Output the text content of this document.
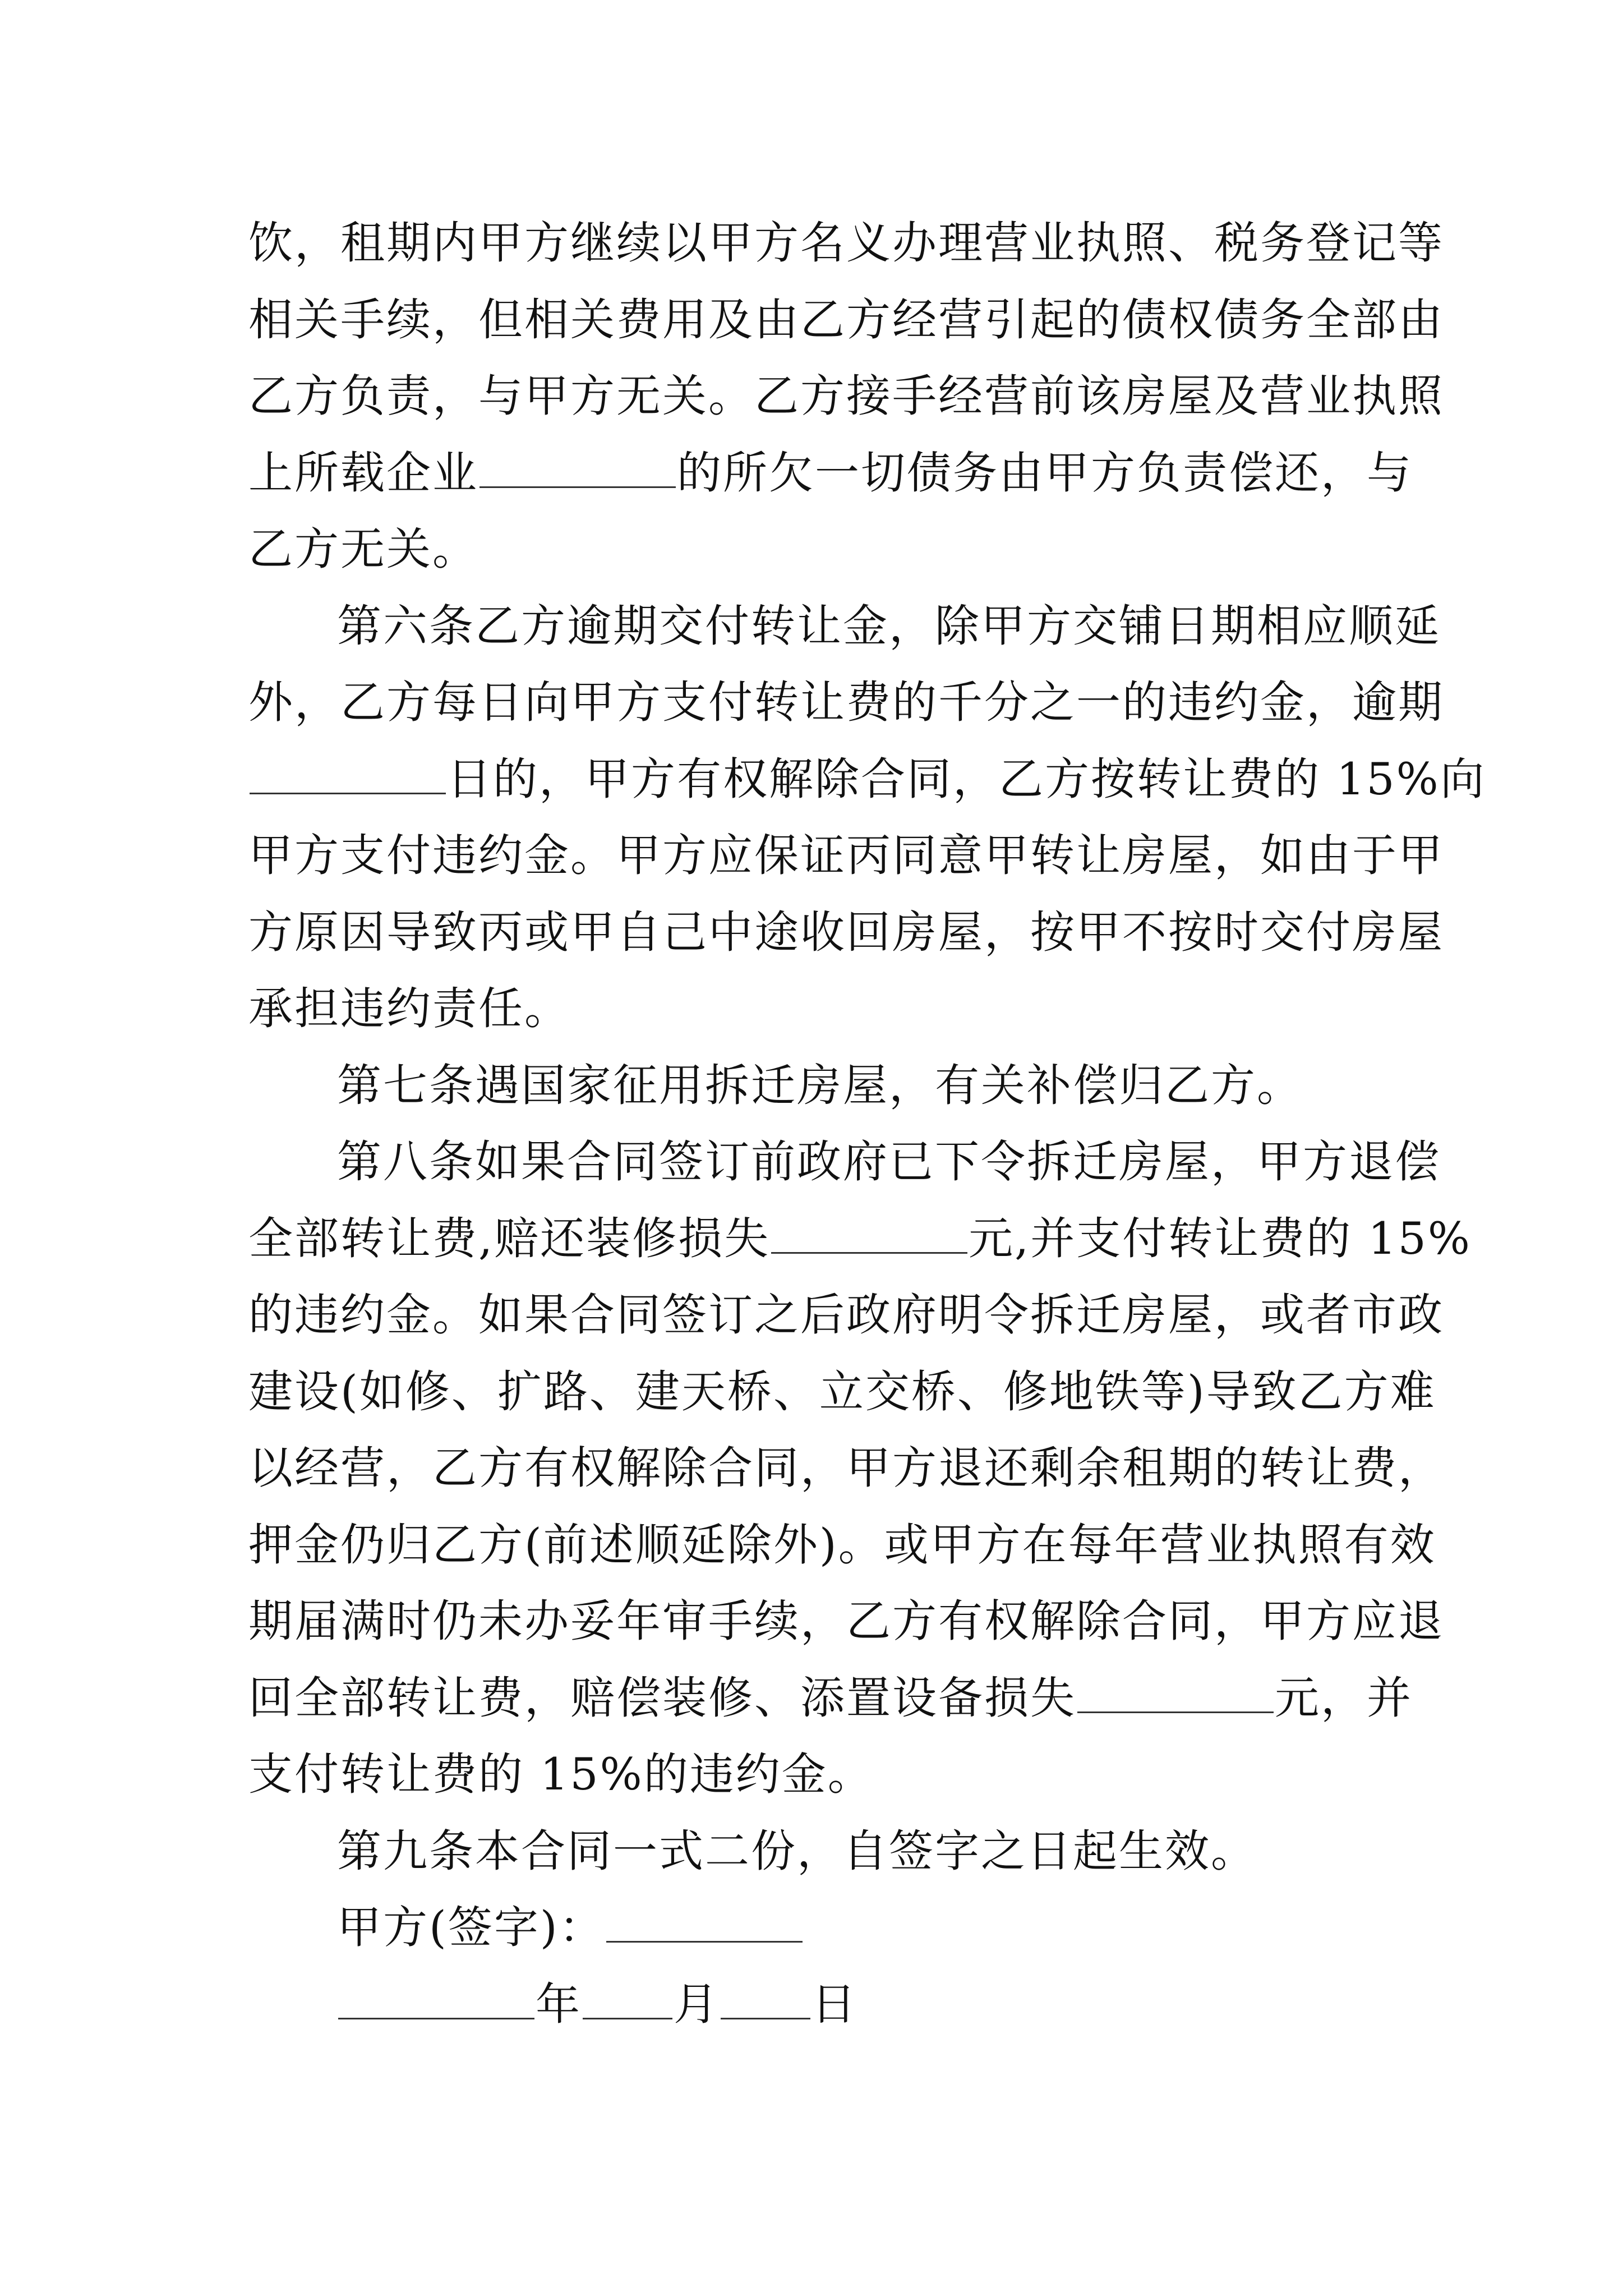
饮，租期内甲方继续以甲方名义办理营业执照、税务登记等
相关手续，但相关费用及由乙方经营引起的债权债务全部由
乙方负责，与甲方无关。乙方接手经营前该房屋及营业执照
上所载企业	的所欠一切债务由甲方负责偿还，与
乙方无关。
第六条乙方逾期交付转让金，除甲方交铺日期相应顺延
外，乙方每日向甲方支付转让费的千分之一的违约金，逾期
日的，甲方有权解除合同，乙方按转让费的 15%向
甲方支付违约金。甲方应保证丙同意甲转让房屋，如由于甲
方原因导致丙或甲自己中途收回房屋，按甲不按时交付房屋
承担违约责任。
第七条遇国家征用拆迁房屋，有关补偿归乙方。
第八条如果合同签订前政府已下令拆迁房屋，甲方退偿
全部转让费,赔还装修损失	元,并支付转让费的 15%
的违约金。如果合同签订之后政府明令拆迁房屋，或者市政
建设(如修、扩路、建天桥、立交桥、修地铁等)导致乙方难
以经营，乙方有权解除合同，甲方退还剩余租期的转让费，
押金仍归乙方(前述顺延除外)。或甲方在每年营业执照有效
期届满时仍未办妥年审手续，乙方有权解除合同，甲方应退
回全部转让费，赔偿装修、添置设备损失	元，并
支付转让费的 15%的违约金。
第九条本合同一式二份，自签字之日起生效。
甲方(签字)：
年 月 日
